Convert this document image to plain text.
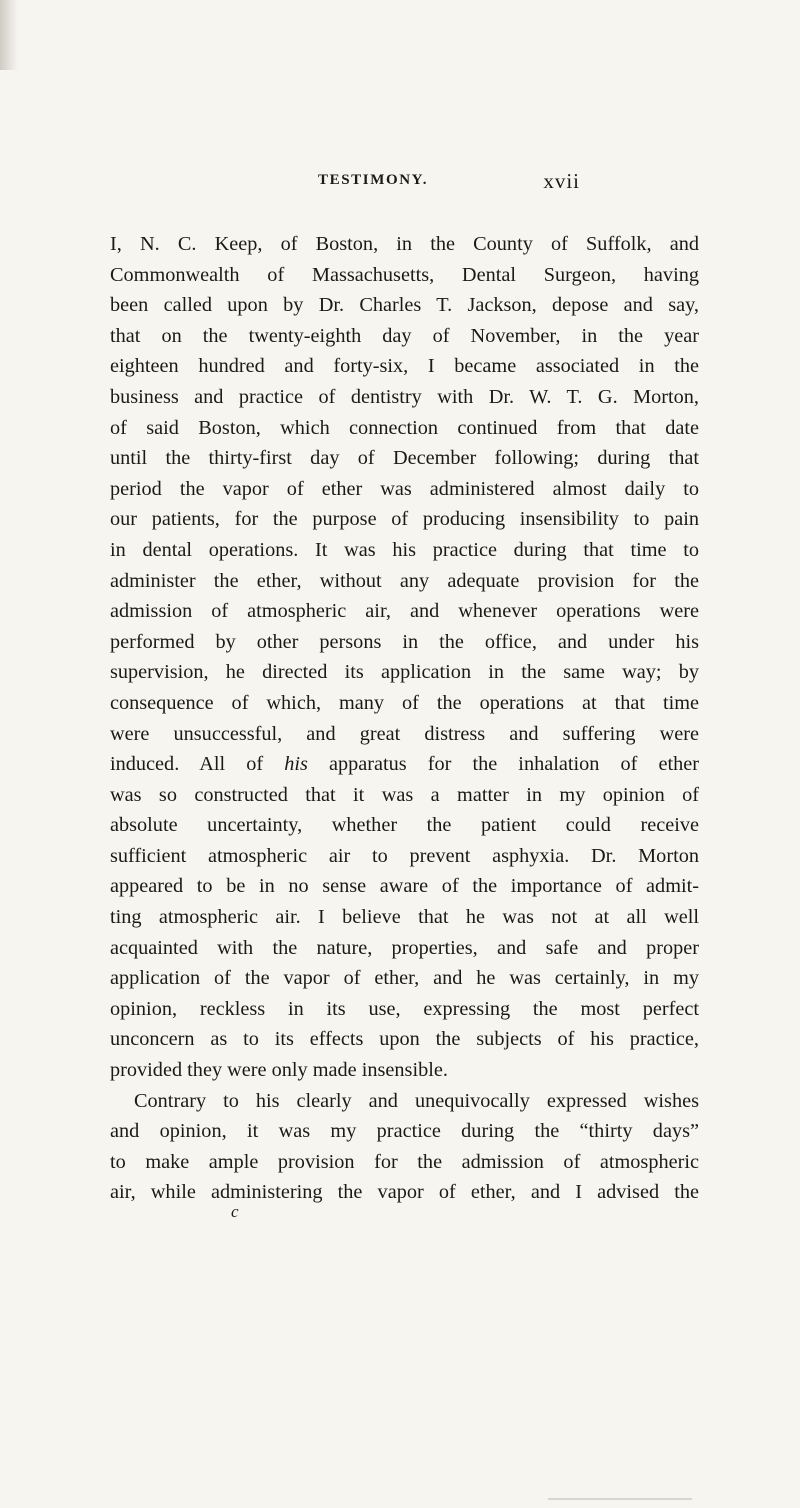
TESTIMONY.	xvii
I, N. C. Keep, of Boston, in the County of Suffolk, and
Commonwealth of Massachusetts, Dental Surgeon, having
been called upon by Dr. Charles T. Jackson, depose and say,
that on the twenty-eighth day of November, in the year
eighteen hundred and forty-six, I became associated in the
business and practice of dentistry with Dr. W. T. G. Morton,
of said Boston, which connection continued from that date
until the thirty-first day of December following; during that
period the vapor of ether was administered almost daily to
our patients, for the purpose of producing insensibility to pain
in dental operations. It was his practice during that time to
administer the ether, without any adequate provision for the
admission of atmospheric air, and whenever operations were
performed by other persons in the office, and under his
supervision, he directed its application in the same way; by
consequence of which, many of the operations at that time
were unsuccessful, and great distress and suffering were
induced. All of his apparatus for the inhalation of ether
was so constructed that it was a matter in my opinion of
absolute uncertainty, whether the patient could receive
sufficient atmospheric air to prevent asphyxia. Dr. Morton
appeared to be in no sense aware of the importance of admit-
ting atmospheric air. I believe that he was not at all well
acquainted with the nature, properties, and safe and proper
application of the vapor of ether, and he was certainly, in my
opinion, reckless in its use, expressing the most perfect
unconcern as to its effects upon the subjects of his practice,
provided they were only made insensible.
Contrary to his clearly and unequivocally expressed wishes
and opinion, it was my practice during the “thirty days”
to make ample provision for the admission of atmospheric
air, while administering the vapor of ether, and I advised the
c
